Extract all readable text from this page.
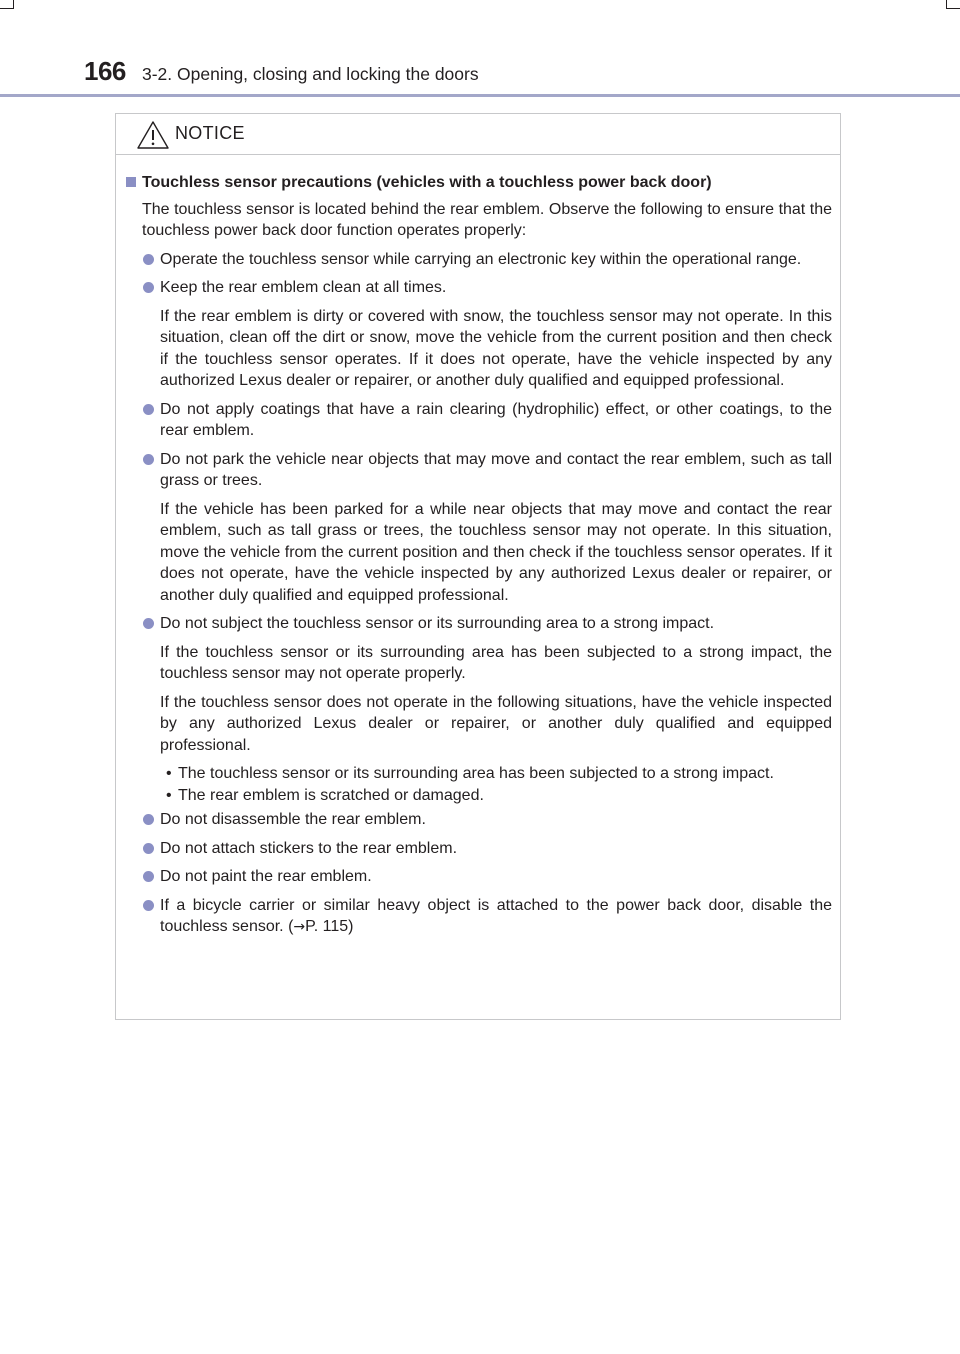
166 3-2. Opening, closing and locking the doors
NOTICE
Touchless sensor precautions (vehicles with a touchless power back door)
The touchless sensor is located behind the rear emblem. Observe the following to ensure that the touchless power back door function operates properly:
Operate the touchless sensor while carrying an electronic key within the operational range.
Keep the rear emblem clean at all times.
If the rear emblem is dirty or covered with snow, the touchless sensor may not operate. In this situation, clean off the dirt or snow, move the vehicle from the current position and then check if the touchless sensor operates. If it does not operate, have the vehicle inspected by any authorized Lexus dealer or repairer, or another duly qualified and equipped professional.
Do not apply coatings that have a rain clearing (hydrophilic) effect, or other coatings, to the rear emblem.
Do not park the vehicle near objects that may move and contact the rear emblem, such as tall grass or trees.
If the vehicle has been parked for a while near objects that may move and contact the rear emblem, such as tall grass or trees, the touchless sensor may not operate. In this situation, move the vehicle from the current position and then check if the touchless sensor operates. If it does not operate, have the vehicle inspected by any authorized Lexus dealer or repairer, or another duly qualified and equipped professional.
Do not subject the touchless sensor or its surrounding area to a strong impact.
If the touchless sensor or its surrounding area has been subjected to a strong impact, the touchless sensor may not operate properly.
If the touchless sensor does not operate in the following situations, have the vehicle inspected by any authorized Lexus dealer or repairer, or another duly qualified and equipped professional.
• The touchless sensor or its surrounding area has been subjected to a strong impact.
• The rear emblem is scratched or damaged.
Do not disassemble the rear emblem.
Do not attach stickers to the rear emblem.
Do not paint the rear emblem.
If a bicycle carrier or similar heavy object is attached to the power back door, disable the touchless sensor. (→P. 115)
